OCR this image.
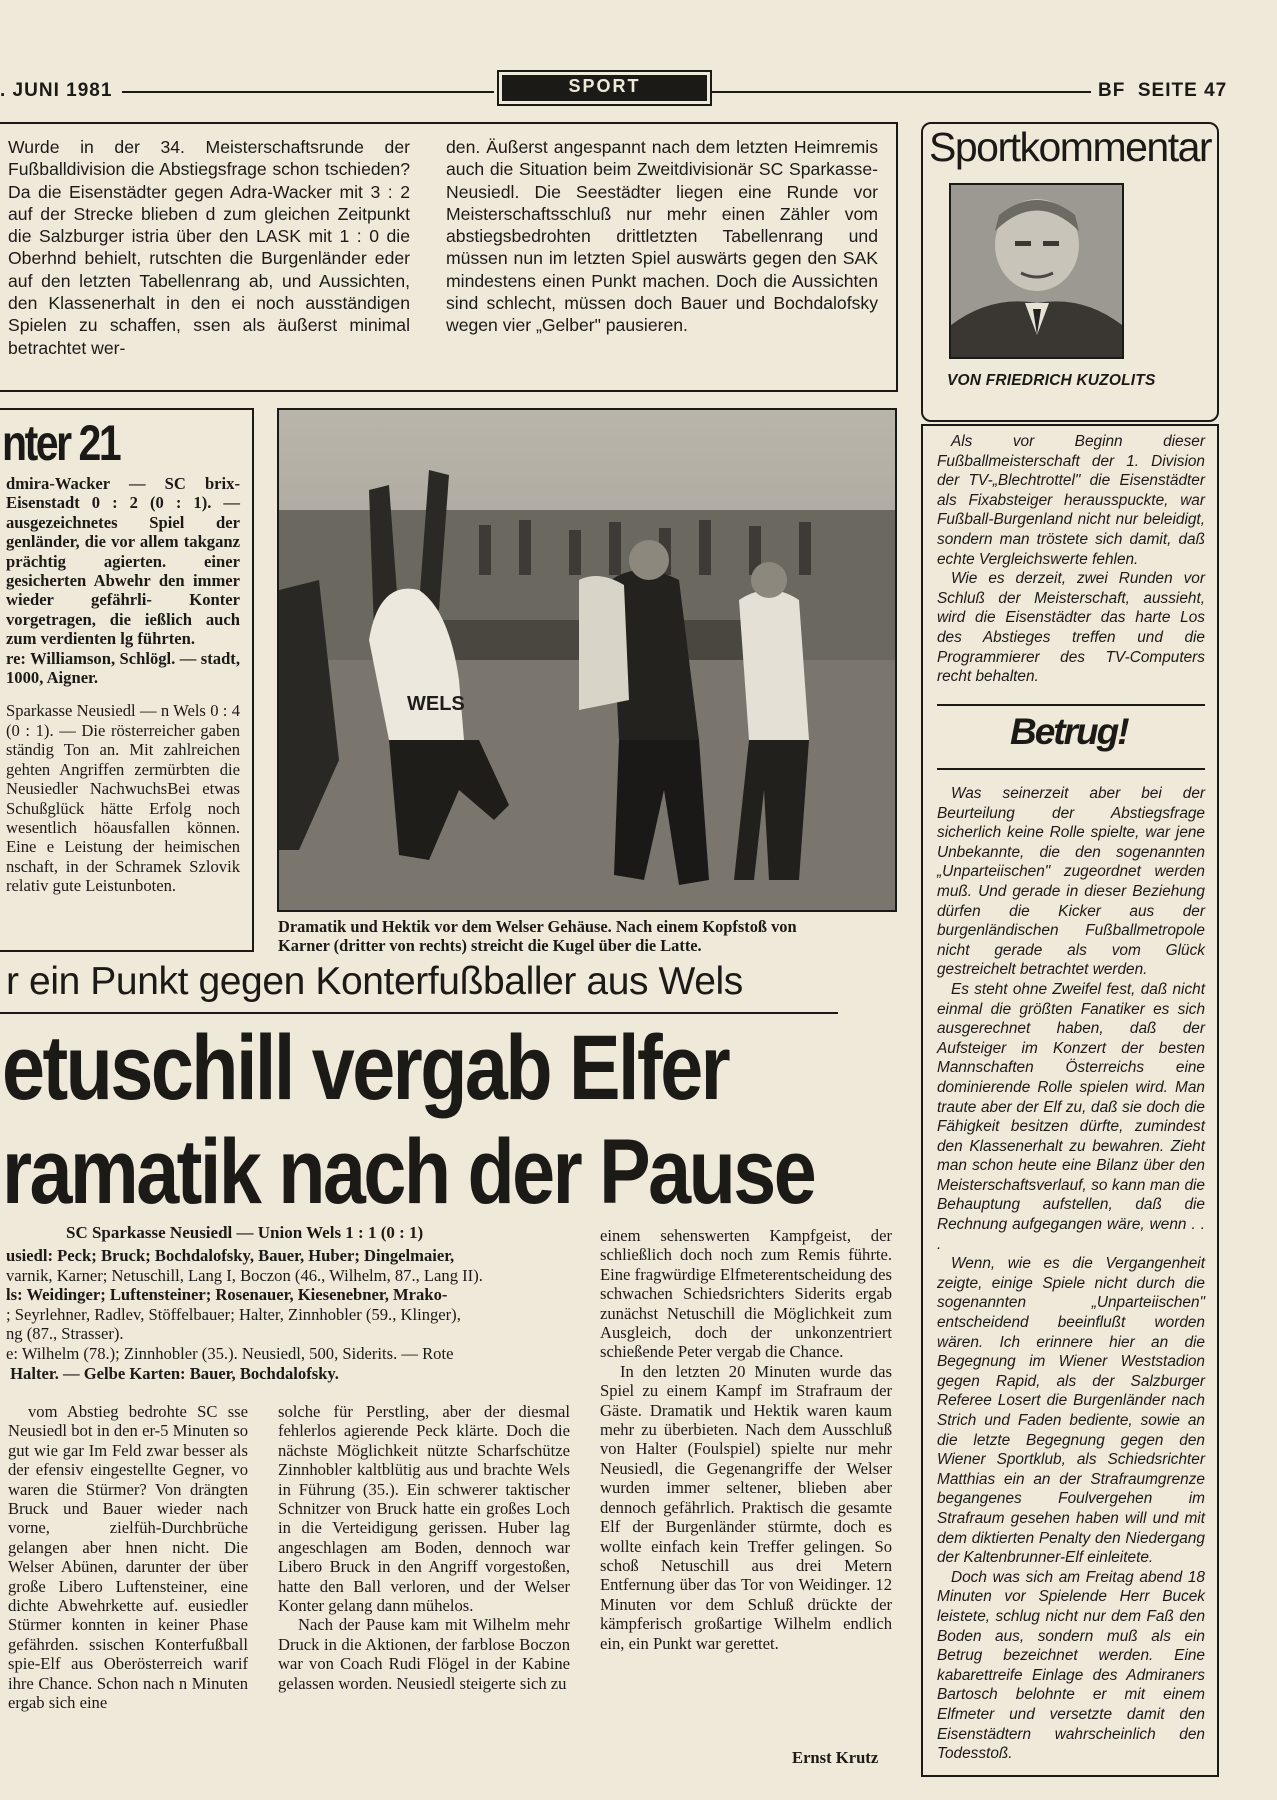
. JUNI 1981	SPORT	BF  SEITE 47
Wurde in der 34. Meisterschaftsrunde der Fußballdivision die Abstiegsfrage schon tschieden? Da die Eisenstädter gegen Adra-Wacker mit 3 : 2 auf der Strecke blieben d zum gleichen Zeitpunkt die Salzburger istria über den LASK mit 1 : 0 die Oberhnd behielt, rutschten die Burgenländer eder auf den letzten Tabellenrang ab, und Aussichten, den Klassenerhalt in den ei noch ausständigen Spielen zu schaffen, ssen als äußerst minimal betrachtet wer-
den. Äußerst angespannt nach dem letzten Heimremis auch die Situation beim Zweitdivisionär SC Sparkasse-Neusiedl. Die Seestädter liegen eine Runde vor Meisterschaftsschluß nur mehr einen Zähler vom abstiegsbedrohten drittletzten Tabellenrang und müssen nun im letzten Spiel auswärts gegen den SAK mindestens einen Punkt machen. Doch die Aussichten sind schlecht, müssen doch Bauer und Bochdalofsky wegen vier „Gelber" pausieren.
Sportkommentar
VON FRIEDRICH KUZOLITS

Als vor Beginn dieser Fußballmeisterschaft der 1. Division der TV-„Blechtrottel" die Eisenstädter als Fixabsteiger herausspuckte, war Fußball-Burgenland nicht nur beleidigt, sondern man tröstete sich damit, daß echte Vergleichswerte fehlen.

Wie es derzeit, zwei Runden vor Schluß der Meisterschaft, aussieht, wird die Eisenstädter das harte Los des Abstieges treffen und die Programmierer des TV-Computers recht behalten.

Betrug!

Was seinerzeit aber bei der Beurteilung der Abstiegsfrage sicherlich keine Rolle spielte, war jene Unbekannte, die den sogenannten „Unparteiischen" zugeordnet werden muß. Und gerade in dieser Beziehung dürfen die Kicker aus der burgenländischen Fußballmetropole nicht gerade als vom Glück gestreichelt betrachtet werden.

Es steht ohne Zweifel fest, daß nicht einmal die größten Fanatiker es sich ausgerechnet haben, daß der Aufsteiger im Konzert der besten Mannschaften Österreichs eine dominierende Rolle spielen wird. Man traute aber der Elf zu, daß sie doch die Fähigkeit besitzen dürfte, zumindest den Klassenerhalt zu bewahren. Zieht man schon heute eine Bilanz über den Meisterschaftsverlauf, so kann man die Behauptung aufstellen, daß die Rechnung aufgegangen wäre, wenn . . .

Wenn, wie es die Vergangenheit zeigte, einige Spiele nicht durch die sogenannten „Unparteiischen" entscheidend beeinflußt worden wären. Ich erinnere hier an die Begegnung im Wiener Weststadion gegen Rapid, als der Salzburger Referee Losert die Burgenländer nach Strich und Faden bediente, sowie an die letzte Begegnung gegen den Wiener Sportklub, als Schiedsrichter Matthias ein an der Strafraumgrenze begangenes Foulvergehen im Strafraum gesehen haben will und mit dem diktierten Penalty den Niedergang der Kaltenbrunner-Elf einleitete.

Doch was sich am Freitag abend 18 Minuten vor Spielende Herr Bucek leistete, schlug nicht nur dem Faß den Boden aus, sondern muß als ein Betrug bezeichnet werden. Eine kabarettreife Einlage des Admiraners Bartosch belohnte er mit einem Elfmeter und versetzte damit den Eisenstädtern wahrscheinlich den Todesstoß.

nter 21

dmira-Wacker — SC brix- Eisenstadt 0 : 2 (0 : 1). — ausgezeichnetes Spiel der genländer, die vor allem takganz prächtig agierten. einer gesicherten Abwehr den immer wieder gefährli- Konter vorgetragen, die ießlich auch zum verdienten lg führten.

re: Williamson, Schlögl. — stadt, 1000, Aigner.

Sparkasse Neusiedl — n Wels 0 : 4 (0 : 1). — Die rösterreicher gaben ständig Ton an. Mit zahlreichen gehten Angriffen zermürbten die Neusiedler NachwuchsBei etwas Schußglück hätte Erfolg noch wesentlich höausfallen können. Eine e Leistung der heimischen nschaft, in der Schramek Szlovik relativ gute Leistunboten.

WELS
Dramatik und Hektik vor dem Welser Gehäuse. Nach einem Kopfstoß von Karner (dritter von rechts) streicht die Kugel über die Latte.
r ein Punkt gegen Konterfußballer aus Wels
etuschill vergab Elfer
ramatik nach der Pause
SC Sparkasse Neusiedl — Union Wels 1 : 1 (0 : 1)
usiedl: Peck; Bruck; Bochdalofsky, Bauer, Huber; Dingelmaier,
varnik, Karner; Netuschill, Lang I, Boczon (46., Wilhelm, 87., Lang II).
ls: Weidinger; Luftensteiner; Rosenauer, Kiesenebner, Mrako-
; Seyrlehner, Radlev, Stöffelbauer; Halter, Zinnhobler (59., Klinger),
ng (87., Strasser).
e: Wilhelm (78.); Zinnhobler (35.). Neusiedl, 500, Siderits. — Rote
Halter. — Gelbe Karten: Bauer, Bochdalofsky.

vom Abstieg bedrohte SC sse Neusiedl bot in den er-5 Minuten so gut wie gar Im Feld zwar besser als der efensiv eingestellte Gegner, vo waren die Stürmer? Von drängten Bruck und Bauer wieder nach vorne, zielfüh-Durchbrüche gelangen aber hnen nicht. Die Welser Abünen, darunter der über große Libero Luftensteiner, eine dichte Abwehrkette auf. eusiedler Stürmer konnten in keiner Phase gefährden. ssischen Konterfußball spie-Elf aus Oberösterreich warif ihre Chance. Schon nach n Minuten ergab sich eine

solche für Perstling, aber der diesmal fehlerlos agierende Peck klärte. Doch die nächste Möglichkeit nützte Scharfschütze Zinnhobler kaltblütig aus und brachte Wels in Führung (35.). Ein schwerer taktischer Schnitzer von Bruck hatte ein großes Loch in die Verteidigung gerissen. Huber lag angeschlagen am Boden, dennoch war Libero Bruck in den Angriff vorgestoßen, hatte den Ball verloren, und der Welser Konter gelang dann mühelos.

Nach der Pause kam mit Wilhelm mehr Druck in die Aktionen, der farblose Boczon war von Coach Rudi Flögel in der Kabine gelassen worden. Neusiedl steigerte sich zu

einem sehenswerten Kampfgeist, der schließlich doch noch zum Remis führte. Eine fragwürdige Elfmeterentscheidung des schwachen Schiedsrichters Siderits ergab zunächst Netuschill die Möglichkeit zum Ausgleich, doch der unkonzentriert schießende Peter vergab die Chance.

In den letzten 20 Minuten wurde das Spiel zu einem Kampf im Strafraum der Gäste. Dramatik und Hektik waren kaum mehr zu überbieten. Nach dem Ausschluß von Halter (Foulspiel) spielte nur mehr Neusiedl, die Gegenangriffe der Welser wurden immer seltener, blieben aber dennoch gefährlich. Praktisch die gesamte Elf der Burgenländer stürmte, doch es wollte einfach kein Treffer gelingen. So schoß Netuschill aus drei Metern Entfernung über das Tor von Weidinger. 12 Minuten vor dem Schluß drückte der kämpferisch großartige Wilhelm endlich ein, ein Punkt war gerettet.

Ernst Krutz
